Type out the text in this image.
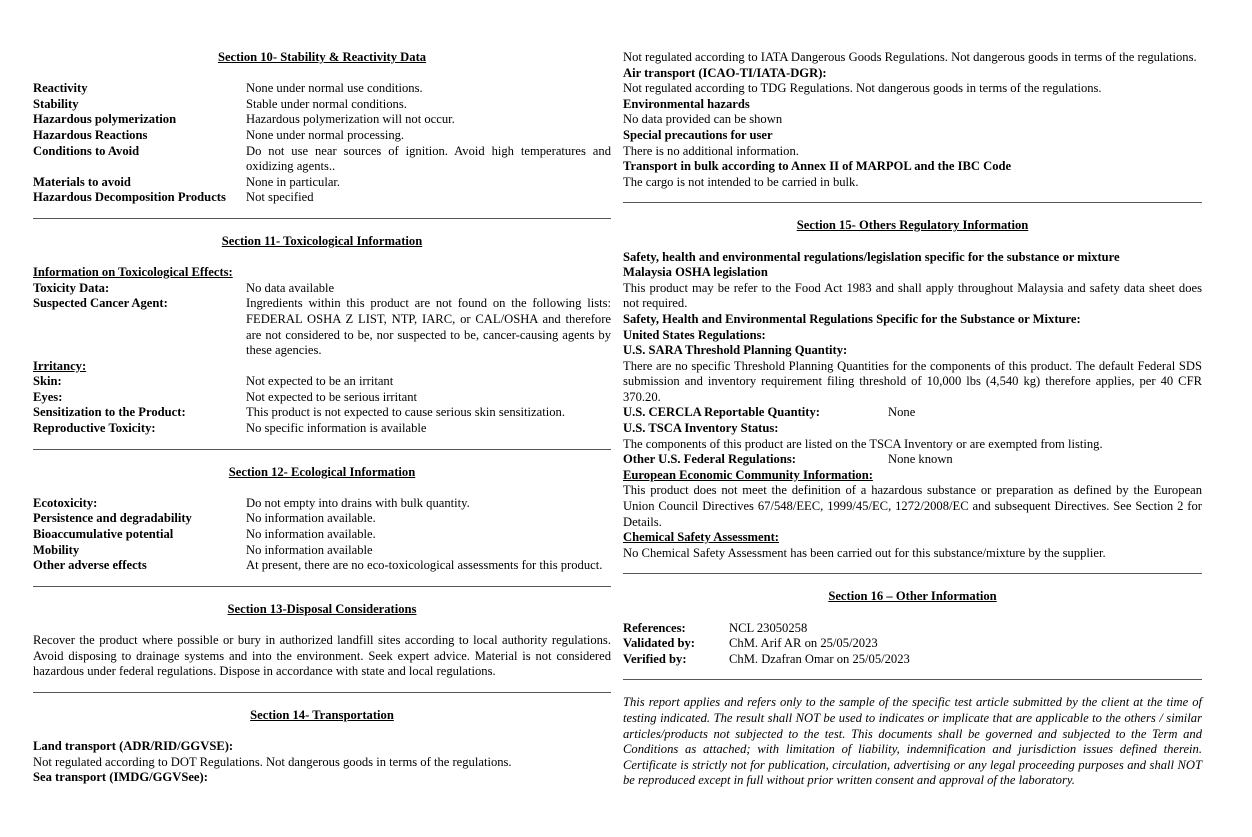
Section 10- Stability & Reactivity Data
Reactivity	None under normal use conditions.
Stability	Stable under normal conditions.
Hazardous polymerization	Hazardous polymerization will not occur.
Hazardous Reactions	None under normal processing.
Conditions to Avoid	Do not use near sources of ignition. Avoid high temperatures and oxidizing agents..
Materials to avoid	None in particular.
Hazardous Decomposition Products	Not specified
Section 11- Toxicological Information
Information on Toxicological Effects:
Toxicity Data:	No data available
Suspected Cancer Agent:	Ingredients within this product are not found on the following lists: FEDERAL OSHA Z LIST, NTP, IARC, or CAL/OSHA and therefore are not considered to be, nor suspected to be, cancer-causing agents by these agencies.
Irritancy:
Skin:	Not expected to be an irritant
Eyes:	Not expected to be serious irritant
Sensitization to the Product:	This product is not expected to cause serious skin sensitization.
Reproductive Toxicity:	No specific information is available
Section 12- Ecological Information
Ecotoxicity:	Do not empty into drains with bulk quantity.
Persistence and degradability	No information available.
Bioaccumulative potential	No information available.
Mobility	No information available
Other adverse effects	At present, there are no eco-toxicological assessments for this product.
Section 13-Disposal Considerations
Recover the product where possible or bury in authorized landfill sites according to local authority regulations. Avoid disposing to drainage systems and into the environment. Seek expert advice. Material is not considered hazardous under federal regulations. Dispose in accordance with state and local regulations.
Section 14- Transportation
Land transport (ADR/RID/GGVSE):
Not regulated according to DOT Regulations. Not dangerous goods in terms of the regulations.
Sea transport (IMDG/GGVSee):
Not regulated according to IATA Dangerous Goods Regulations. Not dangerous goods in terms of the regulations.
Air transport (ICAO-TI/IATA-DGR):
Not regulated according to TDG Regulations. Not dangerous goods in terms of the regulations.
Environmental hazards
No data provided can be shown
Special precautions for user
There is no additional information.
Transport in bulk according to Annex II of MARPOL and the IBC Code
The cargo is not intended to be carried in bulk.
Section 15- Others Regulatory Information
Safety, health and environmental regulations/legislation specific for the substance or mixture
Malaysia OSHA legislation
This product may be refer to the Food Act 1983 and shall apply throughout Malaysia and safety data sheet does not required.
Safety, Health and Environmental Regulations Specific for the Substance or Mixture:
United States Regulations:
U.S. SARA Threshold Planning Quantity:
There are no specific Threshold Planning Quantities for the components of this product. The default Federal SDS submission and inventory requirement filing threshold of 10,000 lbs (4,540 kg) therefore applies, per 40 CFR 370.20.
U.S. CERCLA Reportable Quantity:	None
U.S. TSCA Inventory Status:
The components of this product are listed on the TSCA Inventory or are exempted from listing.
Other U.S. Federal Regulations:	None known
European Economic Community Information:
This product does not meet the definition of a hazardous substance or preparation as defined by the European Union Council Directives 67/548/EEC, 1999/45/EC, 1272/2008/EC and subsequent Directives. See Section 2 for Details.
Chemical Safety Assessment:
No Chemical Safety Assessment has been carried out for this substance/mixture by the supplier.
Section 16 – Other Information
References:	NCL 23050258
Validated by:	ChM. Arif AR on 25/05/2023
Verified by:	ChM. Dzafran Omar on 25/05/2023
This report applies and refers only to the sample of the specific test article submitted by the client at the time of testing indicated. The result shall NOT be used to indicates or implicate that are applicable to the others / similar articles/products not subjected to the test. This documents shall be governed and subjected to the Term and Conditions as attached; with limitation of liability, indemnification and jurisdiction issues defined therein. Certificate is strictly not for publication, circulation, advertising or any legal proceeding purposes and shall NOT be reproduced except in full without prior written consent and approval of the laboratory.
